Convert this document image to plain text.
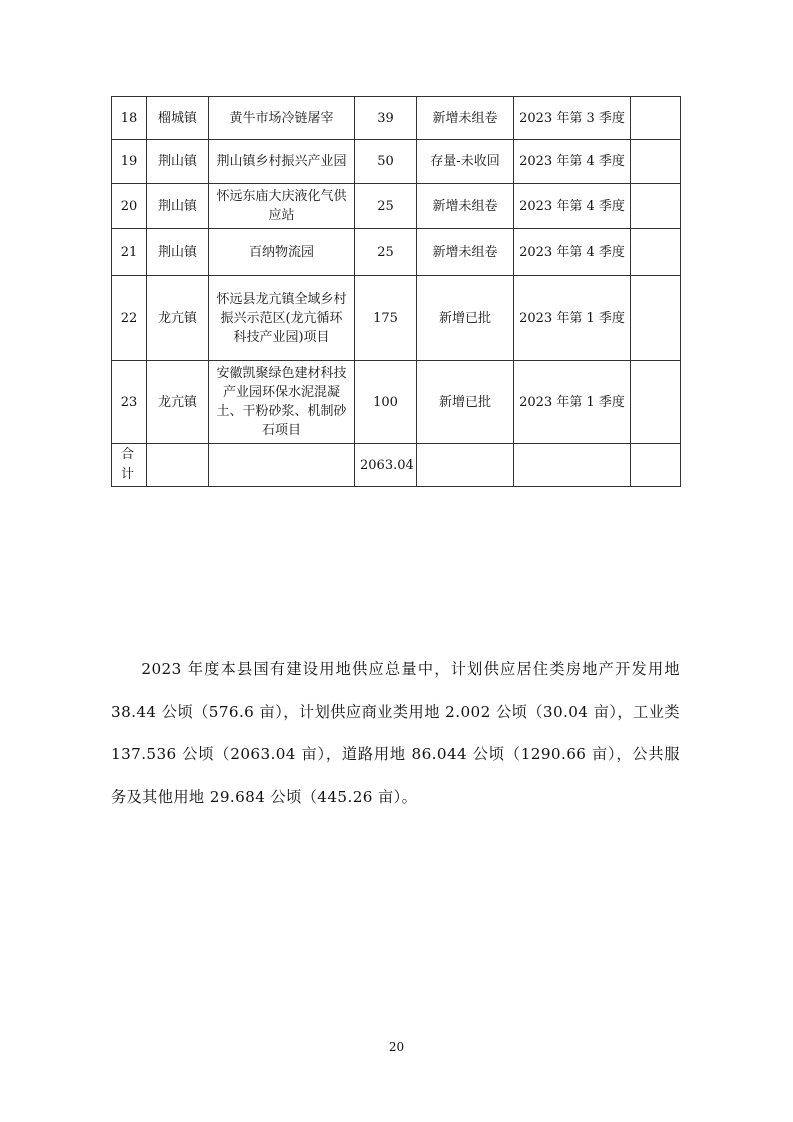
18	榴城镇	黄牛市场冷链屠宰	39	新增未组卷	2023 年第 3 季度	
19	荆山镇	荆山镇乡村振兴产业园	50	存量-未收回	2023 年第 4 季度	
20	荆山镇	怀远东庙大庆液化气供应站	25	新增未组卷	2023 年第 4 季度	
21	荆山镇	百纳物流园	25	新增未组卷	2023 年第 4 季度	
22	龙亢镇	怀远县龙亢镇全域乡村振兴示范区(龙亢循环科技产业园)项目	175	新增已批	2023 年第 1 季度	
23	龙亢镇	安徽凯聚绿色建材科技产业园环保水泥混凝土、干粉砂浆、机制砂石项目	100	新增已批	2023 年第 1 季度	
合计			2063.04			

2023 年度本县国有建设用地供应总量中，计划供应居住类房地产开发用地 38.44 公顷（576.6 亩），计划供应商业类用地 2.002 公顷（30.04 亩），工业类 137.536 公顷（2063.04 亩），道路用地 86.044 公顷（1290.66 亩），公共服务及其他用地 29.684 公顷（445.26 亩）。

20
